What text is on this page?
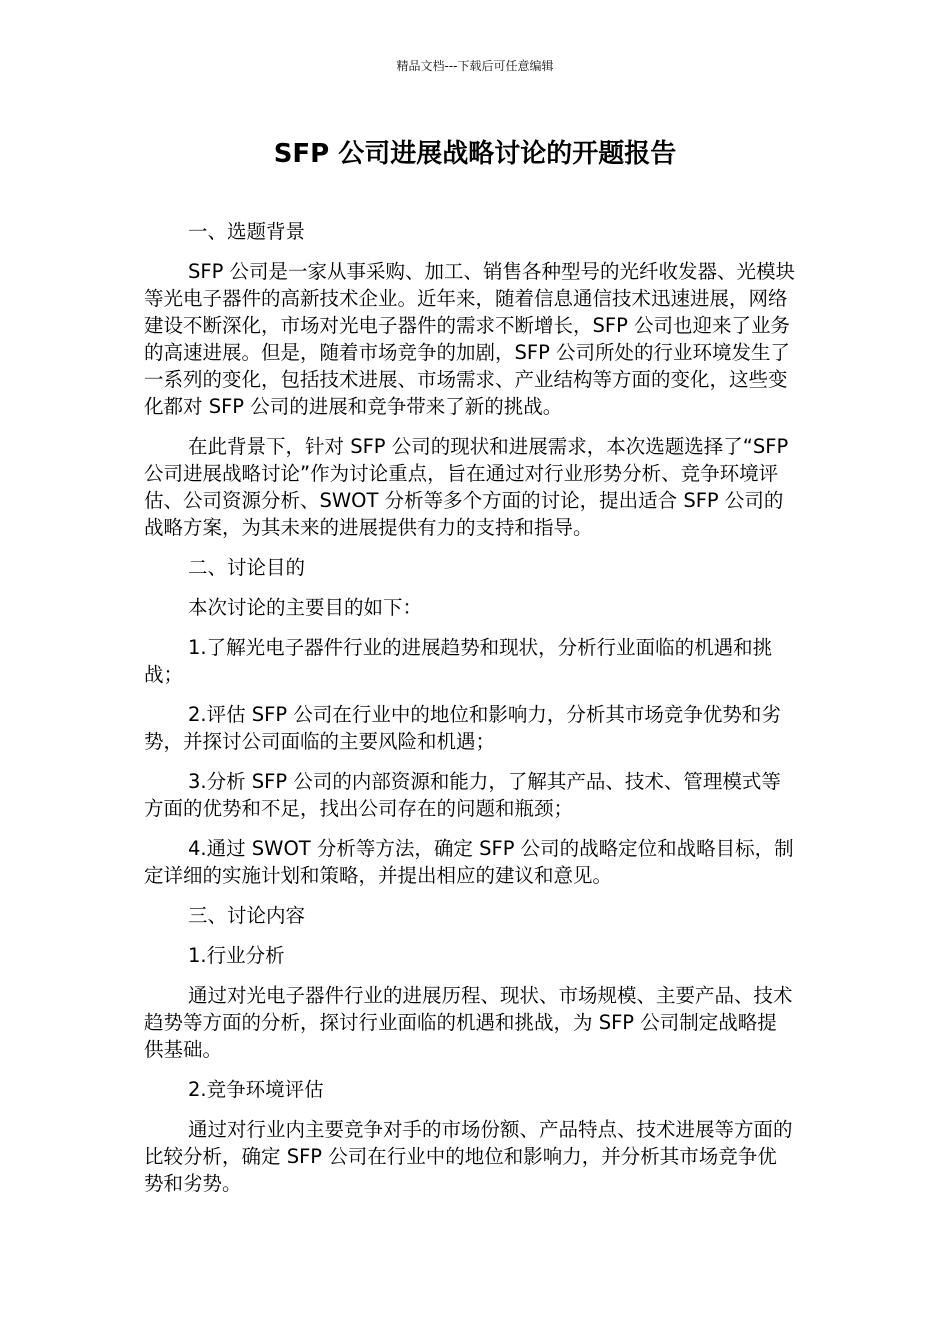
精品文档---下载后可任意编辑
SFP 公司进展战略讨论的开题报告

一、选题背景

SFP 公司是一家从事采购、加工、销售各种型号的光纤收发器、光模块等光电子器件的高新技术企业。近年来，随着信息通信技术迅速进展，网络建设不断深化，市场对光电子器件的需求不断增长，SFP 公司也迎来了业务的高速进展。但是，随着市场竞争的加剧，SFP 公司所处的行业环境发生了一系列的变化，包括技术进展、市场需求、产业结构等方面的变化，这些变化都对 SFP 公司的进展和竞争带来了新的挑战。

在此背景下，针对 SFP 公司的现状和进展需求，本次选题选择了“SFP 公司进展战略讨论”作为讨论重点，旨在通过对行业形势分析、竞争环境评估、公司资源分析、SWOT 分析等多个方面的讨论，提出适合 SFP 公司的战略方案，为其未来的进展提供有力的支持和指导。

二、讨论目的

本次讨论的主要目的如下：

1.了解光电子器件行业的进展趋势和现状，分析行业面临的机遇和挑战；

2.评估 SFP 公司在行业中的地位和影响力，分析其市场竞争优势和劣势，并探讨公司面临的主要风险和机遇；

3.分析 SFP 公司的内部资源和能力，了解其产品、技术、管理模式等方面的优势和不足，找出公司存在的问题和瓶颈；

4.通过 SWOT 分析等方法，确定 SFP 公司的战略定位和战略目标，制定详细的实施计划和策略，并提出相应的建议和意见。

三、讨论内容

1.行业分析

通过对光电子器件行业的进展历程、现状、市场规模、主要产品、技术趋势等方面的分析，探讨行业面临的机遇和挑战，为 SFP 公司制定战略提供基础。

2.竞争环境评估

通过对行业内主要竞争对手的市场份额、产品特点、技术进展等方面的比较分析，确定 SFP 公司在行业中的地位和影响力，并分析其市场竞争优势和劣势。
